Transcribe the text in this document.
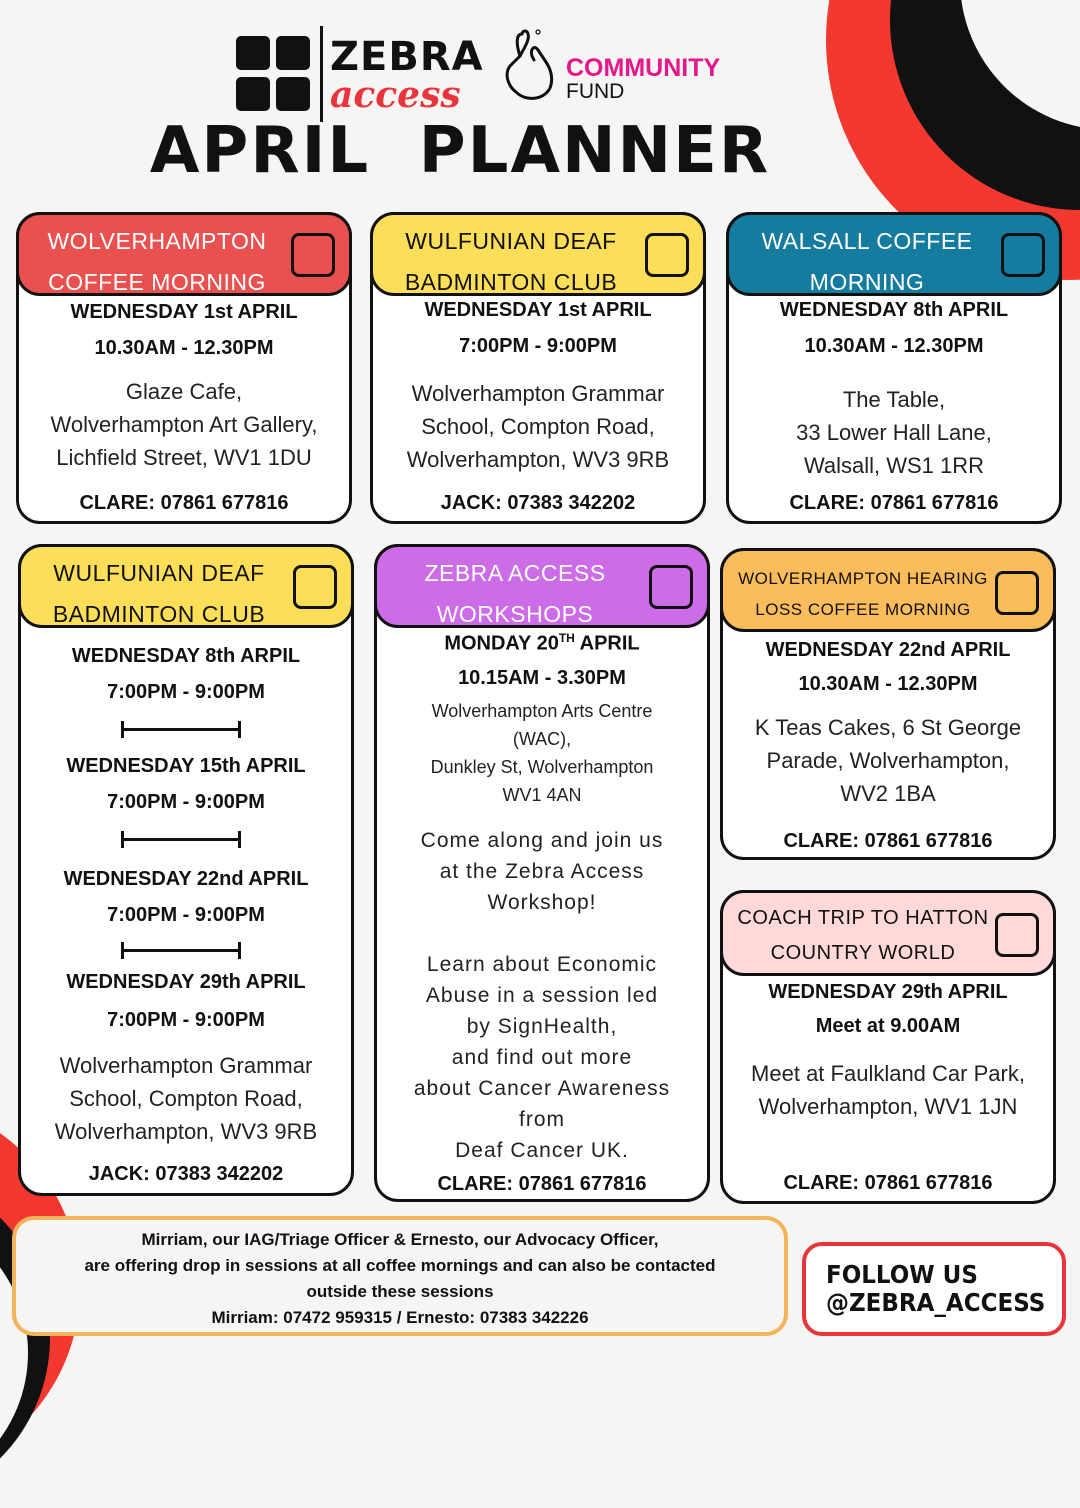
ZEBRA
access
COMMUNITY
FUND
APRIL  PLANNER
WOLVERHAMPTON
COFFEE MORNING
WEDNESDAY 1st APRIL
10.30AM - 12.30PM
Glaze Cafe,
Wolverhampton Art Gallery,
Lichfield Street, WV1 1DU
CLARE: 07861 677816
WULFUNIAN DEAF
BADMINTON CLUB
WEDNESDAY 1st APRIL
7:00PM - 9:00PM
Wolverhampton Grammar
School, Compton Road,
Wolverhampton, WV3 9RB
JACK: 07383 342202
WALSALL COFFEE
MORNING
WEDNESDAY 8th APRIL
10.30AM - 12.30PM
The Table,
33 Lower Hall Lane,
Walsall, WS1 1RR
CLARE: 07861 677816
WULFUNIAN DEAF
BADMINTON CLUB
WEDNESDAY 8th ARPIL
7:00PM - 9:00PM
WEDNESDAY 15th APRIL
7:00PM - 9:00PM
WEDNESDAY 22nd APRIL
7:00PM - 9:00PM
WEDNESDAY 29th APRIL
7:00PM - 9:00PM
Wolverhampton Grammar
School, Compton Road,
Wolverhampton, WV3 9RB
JACK: 07383 342202
ZEBRA ACCESS
WORKSHOPS
MONDAY 20TH APRIL
10.15AM - 3.30PM
Wolverhampton Arts Centre
(WAC),
Dunkley St, Wolverhampton
WV1 4AN
Come along and join us
at the Zebra Access
Workshop!
Learn about Economic
Abuse in a session led
by SignHealth,
and find out more
about Cancer Awareness
from
Deaf Cancer UK.
CLARE: 07861 677816
WOLVERHAMPTON HEARING
LOSS COFFEE MORNING
WEDNESDAY 22nd APRIL
10.30AM - 12.30PM
K Teas Cakes, 6 St George
Parade, Wolverhampton,
WV2 1BA
CLARE: 07861 677816
COACH TRIP TO HATTON
COUNTRY WORLD
WEDNESDAY 29th APRIL
Meet at 9.00AM
Meet at Faulkland Car Park,
Wolverhampton, WV1 1JN
CLARE: 07861 677816
Mirriam, our IAG/Triage Officer & Ernesto, our Advocacy Officer,
are offering drop in sessions at all coffee mornings and can also be contacted
outside these sessions
Mirriam: 07472 959315 / Ernesto: 07383 342226
FOLLOW US
@ZEBRA_ACCESS
